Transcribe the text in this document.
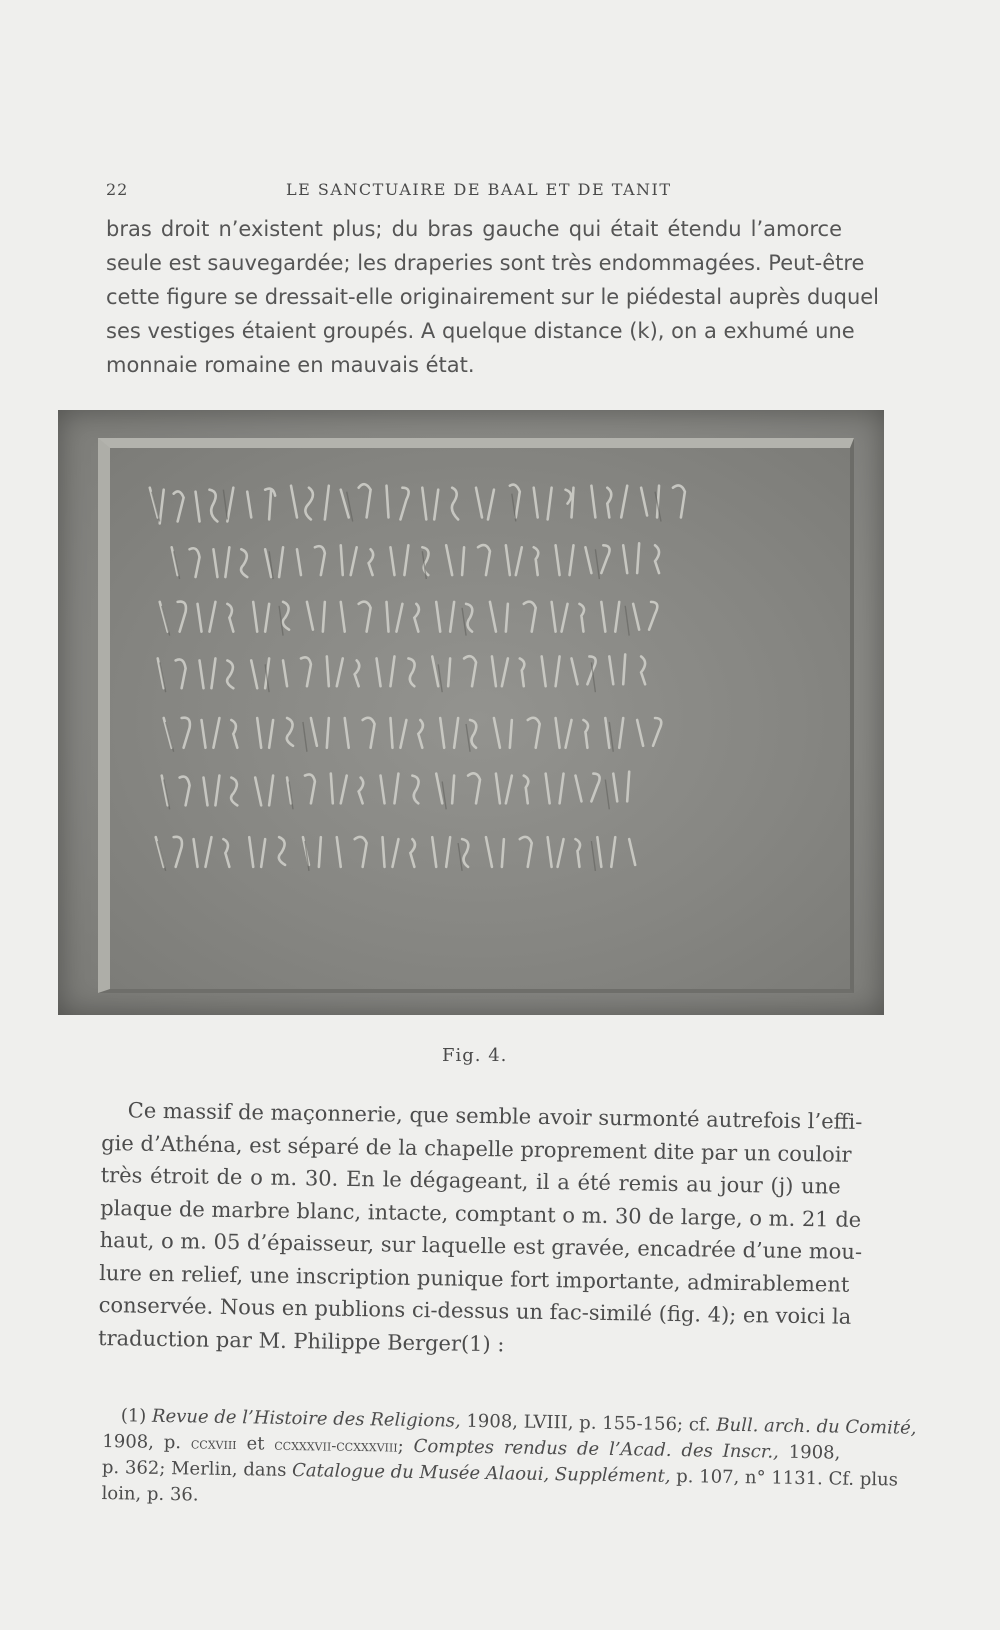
22	LE SANCTUAIRE DE BAAL ET DE TANIT
bras droit n’existent plus; du bras gauche qui était étendu l’amorce
seule est sauvegardée; les draperies sont très endommagées. Peut-être
cette figure se dressait-elle originairement sur le piédestal auprès duquel
ses vestiges étaient groupés. A quelque distance (k), on a exhumé une
monnaie romaine en mauvais état.
Fig. 4.
Ce massif de maçonnerie, que semble avoir surmonté autrefois l’effi-
gie d’Athéna, est séparé de la chapelle proprement dite par un couloir
très étroit de o m. 30. En le dégageant, il a été remis au jour (j) une
plaque de marbre blanc, intacte, comptant o m. 30 de large, o m. 21 de
haut, o m. 05 d’épaisseur, sur laquelle est gravée, encadrée d’une mou-
lure en relief, une inscription punique fort importante, admirablement
conservée. Nous en publions ci-dessus un fac-similé (fig. 4); en voici la
traduction par M. Philippe Berger(1) :
(1) Revue de l’Histoire des Religions, 1908, LVIII, p. 155-156; cf. Bull. arch. du Comité,
1908, p. ccxviii et ccxxxvii-ccxxxviii; Comptes rendus de l’Acad. des Inscr., 1908,
p. 362; Merlin, dans Catalogue du Musée Alaoui, Supplément, p. 107, n° 1131. Cf. plus
loin, p. 36.
